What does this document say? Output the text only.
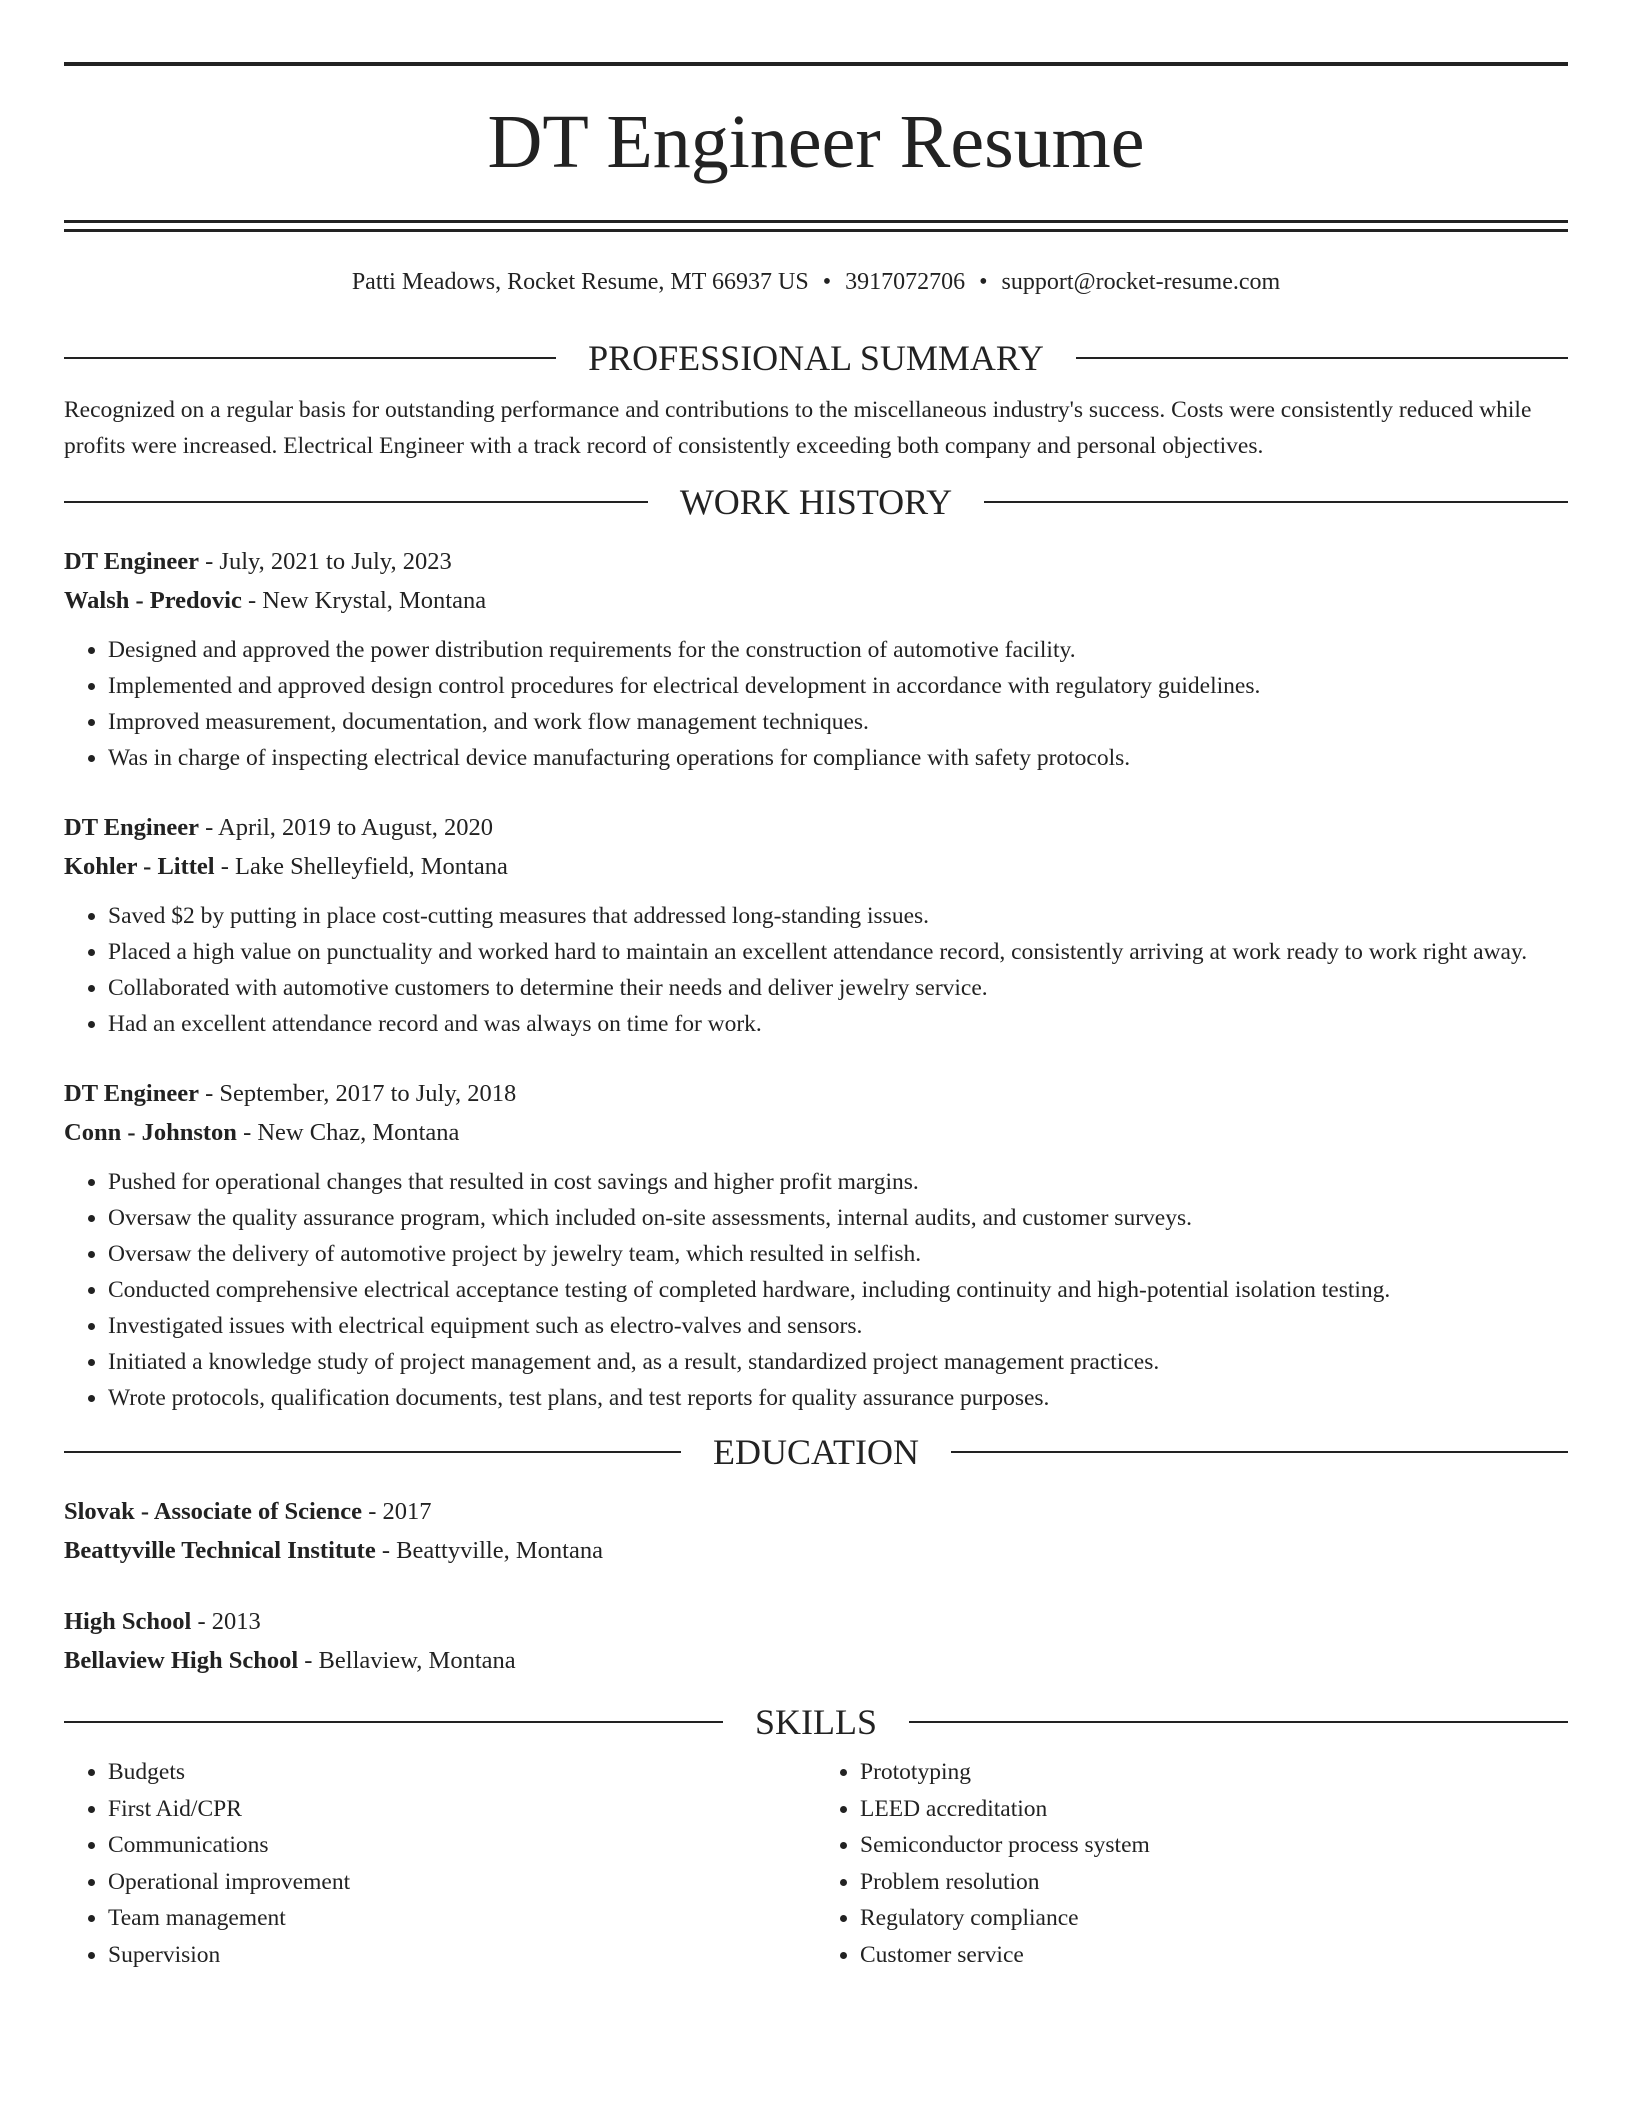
DT Engineer Resume
Patti Meadows, Rocket Resume, MT 66937 US • 3917072706 • support@rocket-resume.com
PROFESSIONAL SUMMARY

Recognized on a regular basis for outstanding performance and contributions to the miscellaneous industry's success. Costs were consistently reduced while profits were increased. Electrical Engineer with a track record of consistently exceeding both company and personal objectives.

WORK HISTORY
DT Engineer - July, 2021 to July, 2023
Walsh - Predovic - New Krystal, Montana
• Designed and approved the power distribution requirements for the construction of automotive facility.
• Implemented and approved design control procedures for electrical development in accordance with regulatory guidelines.
• Improved measurement, documentation, and work flow management techniques.
• Was in charge of inspecting electrical device manufacturing operations for compliance with safety protocols.
DT Engineer - April, 2019 to August, 2020
Kohler - Littel - Lake Shelleyfield, Montana
• Saved $2 by putting in place cost-cutting measures that addressed long-standing issues.
• Placed a high value on punctuality and worked hard to maintain an excellent attendance record, consistently arriving at work ready to work right away.
• Collaborated with automotive customers to determine their needs and deliver jewelry service.
• Had an excellent attendance record and was always on time for work.
DT Engineer - September, 2017 to July, 2018
Conn - Johnston - New Chaz, Montana
• Pushed for operational changes that resulted in cost savings and higher profit margins.
• Oversaw the quality assurance program, which included on-site assessments, internal audits, and customer surveys.
• Oversaw the delivery of automotive project by jewelry team, which resulted in selfish.
• Conducted comprehensive electrical acceptance testing of completed hardware, including continuity and high-potential isolation testing.
• Investigated issues with electrical equipment such as electro-valves and sensors.
• Initiated a knowledge study of project management and, as a result, standardized project management practices.
• Wrote protocols, qualification documents, test plans, and test reports for quality assurance purposes.
EDUCATION
Slovak - Associate of Science - 2017
Beattyville Technical Institute - Beattyville, Montana
High School - 2013
Bellaview High School - Bellaview, Montana
SKILLS
• Budgets
• First Aid/CPR
• Communications
• Operational improvement
• Team management
• Supervision
• Prototyping
• LEED accreditation
• Semiconductor process system
• Problem resolution
• Regulatory compliance
• Customer service
